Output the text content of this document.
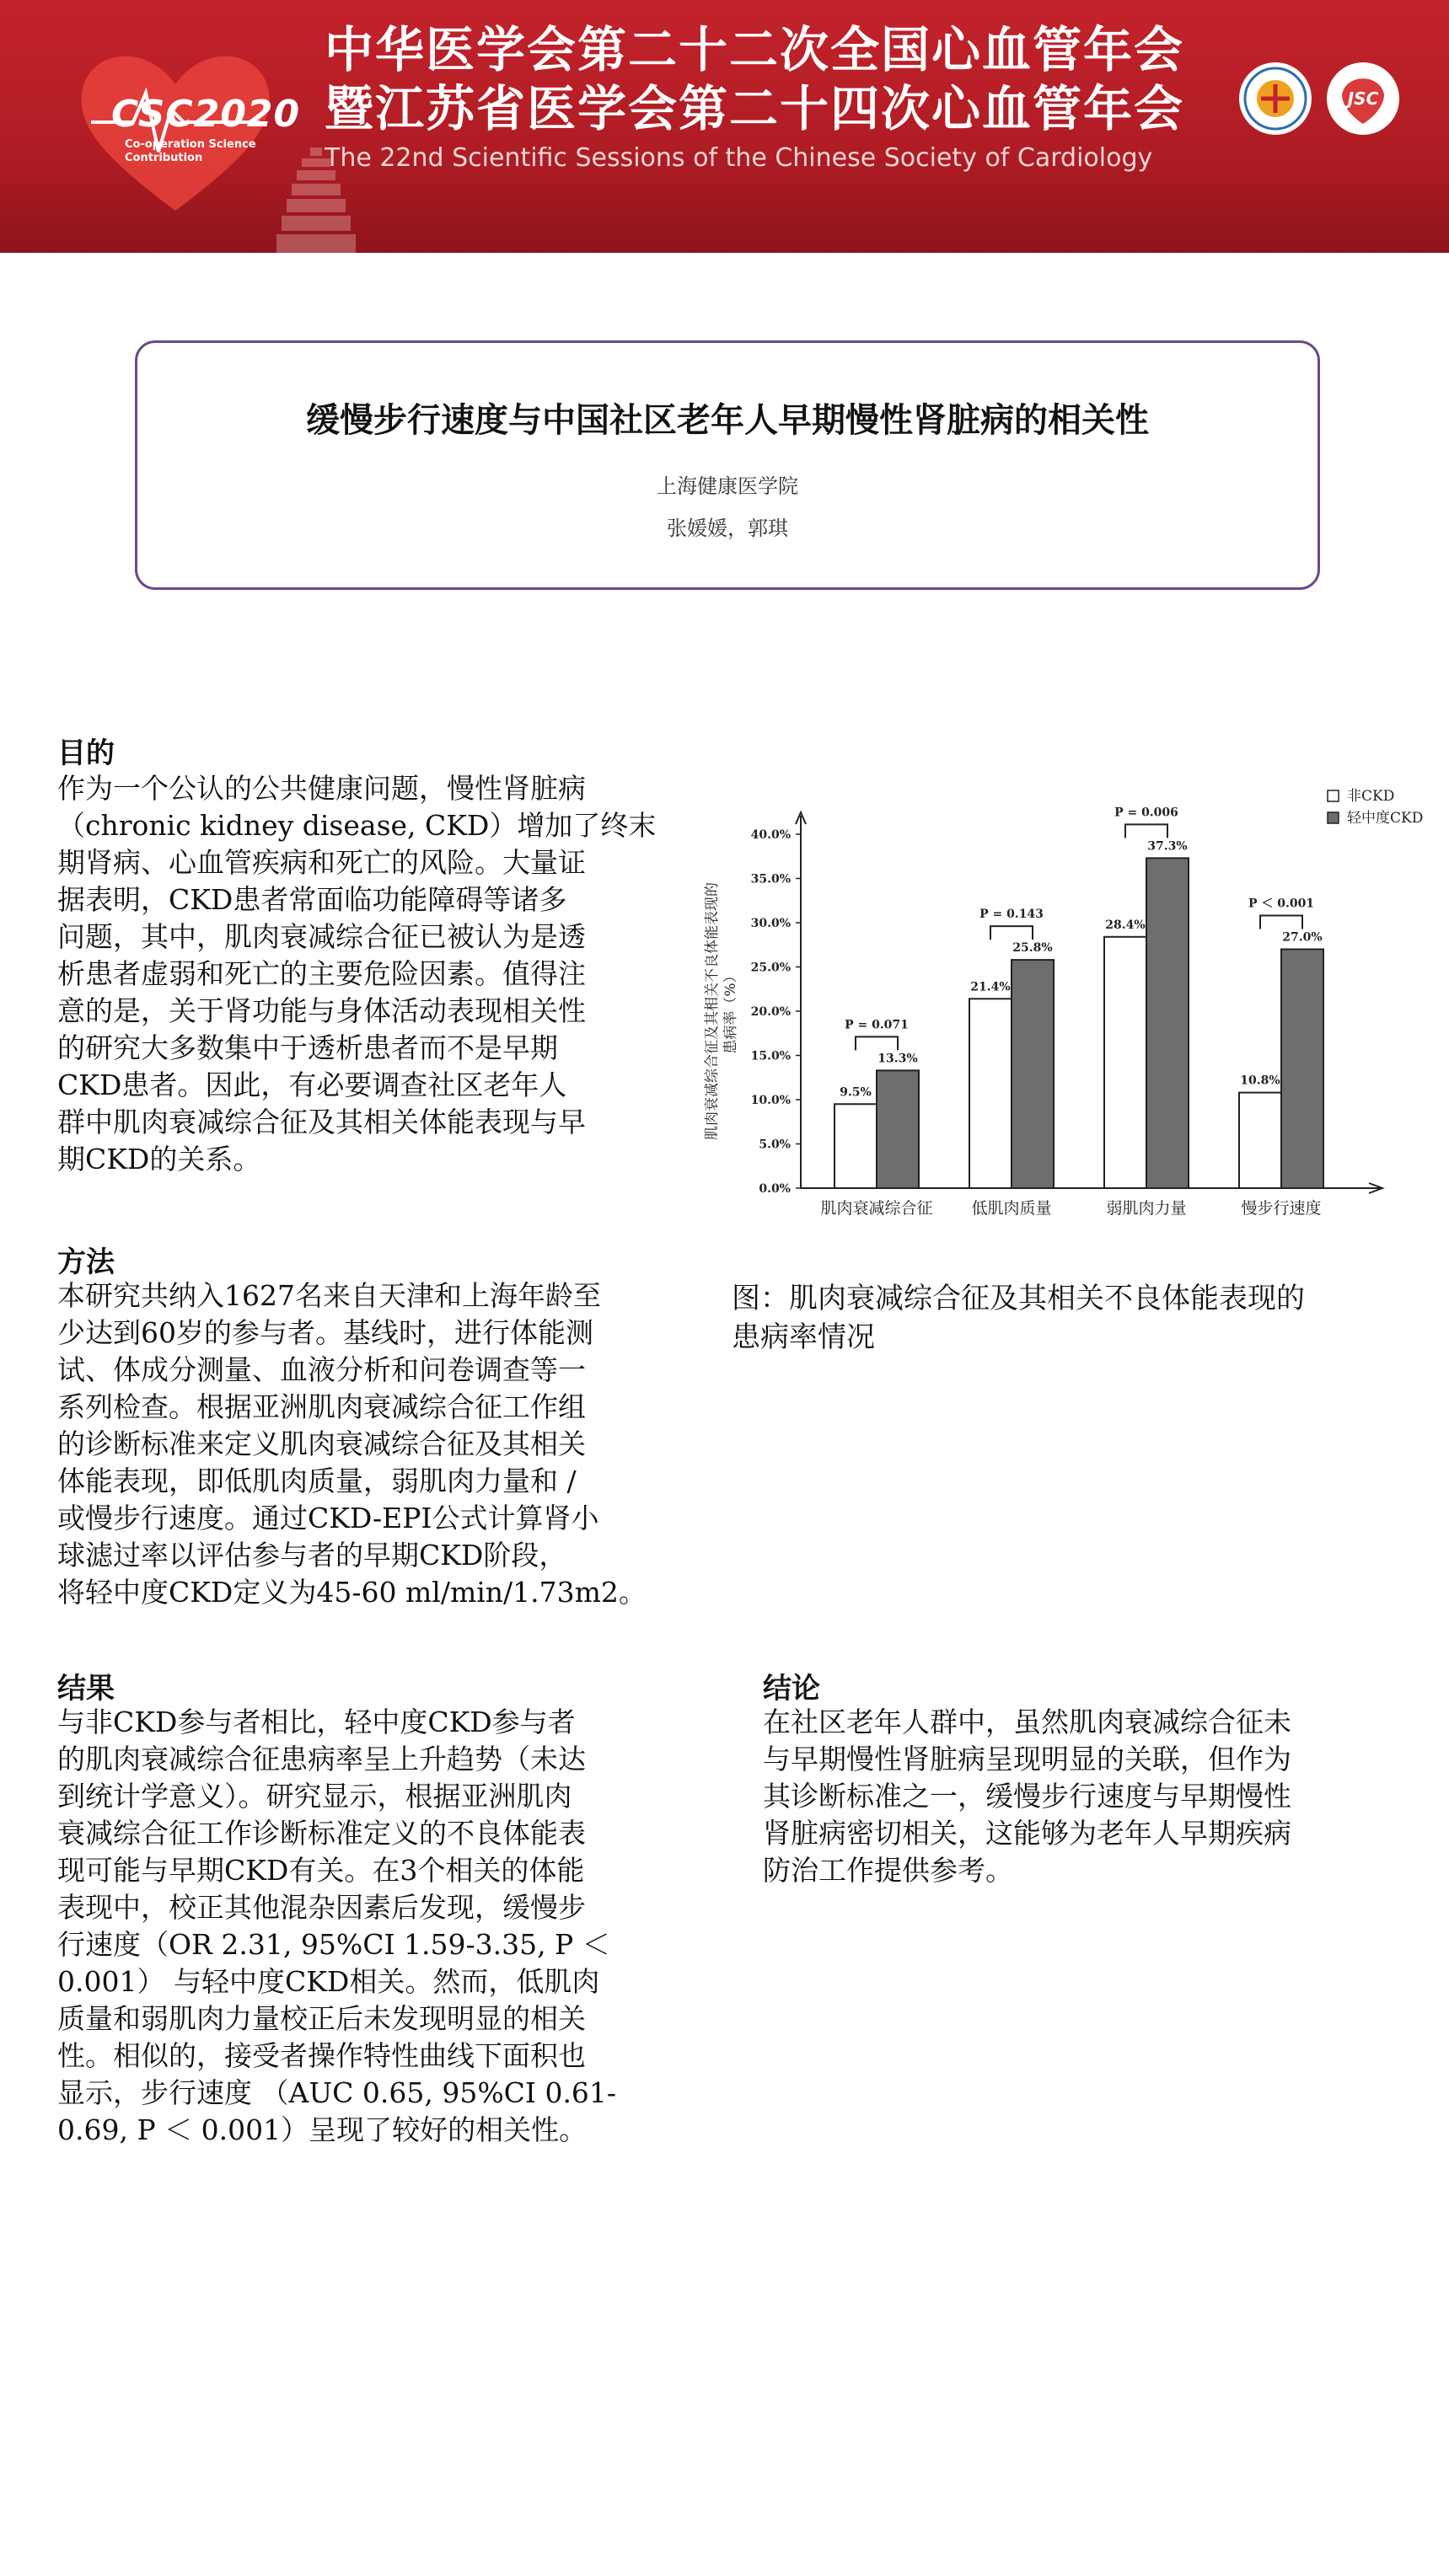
CSC2020
Co-operation Science Contribution
中华医学会第二十二次全国心血管年会
暨江苏省医学会第二十四次心血管年会
The 22nd Scientific Sessions of the Chinese Society of Cardiology
JSC
缓慢步行速度与中国社区老年人早期慢性肾脏病的相关性
上海健康医学院
张媛媛，郭琪
目的
作为一个公认的公共健康问题，慢性肾脏病
（chronic kidney disease, CKD）增加了终末
期肾病、心血管疾病和死亡的风险。大量证
据表明，CKD患者常面临功能障碍等诸多
问题，其中，肌肉衰减综合征已被认为是透
析患者虚弱和死亡的主要危险因素。值得注
意的是，关于肾功能与身体活动表现相关性
的研究大多数集中于透析患者而不是早期
CKD患者。因此，有必要调查社区老年人
群中肌肉衰减综合征及其相关体能表现与早
期CKD的关系。
方法
本研究共纳入1627名来自天津和上海年龄至
少达到60岁的参与者。基线时，进行体能测
试、体成分测量、血液分析和问卷调查等一
系列检查。根据亚洲肌肉衰减综合征工作组
的诊断标准来定义肌肉衰减综合征及其相关
体能表现，即低肌肉质量，弱肌肉力量和 /
或慢步行速度。通过CKD-EPI公式计算肾小
球滤过率以评估参与者的早期CKD阶段，
将轻中度CKD定义为45-60 ml/min/1.73m2。
结果
与非CKD参与者相比，轻中度CKD参与者
的肌肉衰减综合征患病率呈上升趋势（未达
到统计学意义）。研究显示，根据亚洲肌肉
衰减综合征工作诊断标准定义的不良体能表
现可能与早期CKD有关。在3个相关的体能
表现中，校正其他混杂因素后发现，缓慢步
行速度（OR 2.31, 95%CI 1.59-3.35, P ＜
0.001） 与轻中度CKD相关。然而，低肌肉
质量和弱肌肉力量校正后未发现明显的相关
性。相似的，接受者操作特性曲线下面积也
显示，步行速度 （AUC 0.65, 95%CI 0.61-
0.69, P ＜ 0.001）呈现了较好的相关性。
结论
在社区老年人群中，虽然肌肉衰减综合征未
与早期慢性肾脏病呈现明显的关联，但作为
其诊断标准之一，缓慢步行速度与早期慢性
肾脏病密切相关，这能够为老年人早期疾病
防治工作提供参考。
0.0%
5.0%
10.0%
15.0%
20.0%
25.0%
30.0%
35.0%
40.0%
肌肉衰减综合征及其相关不良体能表现的 患病率（%）
9.5%
13.3%
P = 0.071
肌肉衰减综合征
21.4%
25.8%
P = 0.143
低肌肉质量
28.4%
37.3%
P = 0.006
弱肌肉力量
10.8%
27.0%
P ＜ 0.001
慢步行速度
非CKD
轻中度CKD
图：肌肉衰减综合征及其相关不良体能表现的
患病率情况
